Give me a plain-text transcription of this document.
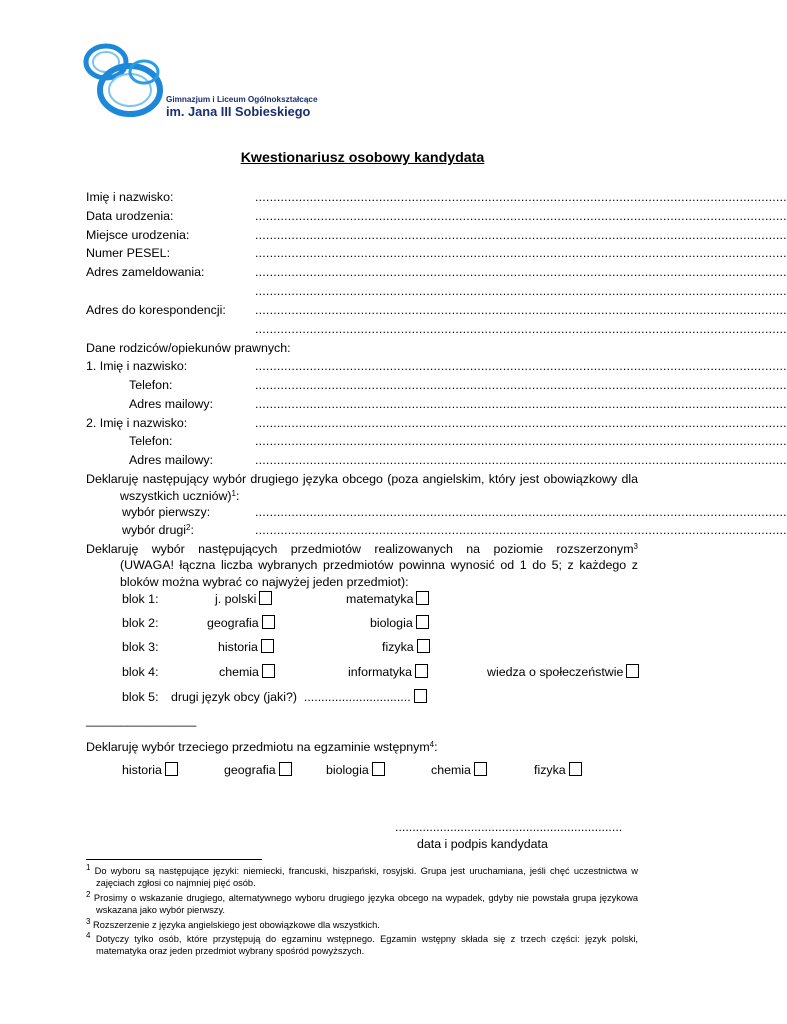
Gimnazjum i Liceum Ogólnokształcące
im. Jana III Sobieskiego
Kwestionariusz osobowy kandydata
Imię i nazwisko:	..................................................................................................................................................
Data urodzenia:	..................................................................................................................................................
Miejsce urodzenia:	..................................................................................................................................................
Numer PESEL:	..................................................................................................................................................
Adres zameldowania:	..................................................................................................................................................
..................................................................................................................................................
Adres do korespondencji: ..................................................................................................................................................
..................................................................................................................................................
Dane rodziców/opiekunów prawnych:
1. Imię i nazwisko:	..................................................................................................................................................
Telefon:	..................................................................................................................................................
Adres mailowy:	..................................................................................................................................................
2. Imię i nazwisko:	..................................................................................................................................................
Telefon:	..................................................................................................................................................
Adres mailowy:	..................................................................................................................................................
Deklaruję następujący wybór drugiego języka obcego (poza angielskim, który jest obowiązkowy dla wszystkich uczniów)$^1$:
wybór pierwszy:	..................................................................................................................................................
wybór drugi$^2$:	..................................................................................................................................................
Deklaruję wybór następujących przedmiotów realizowanych na poziomie rozszerzonym$^3$
(UWAGA! łączna liczba wybranych przedmiotów powinna wynosić od 1 do 5; z każdego z bloków można wybrać co najwyżej jeden przedmiot):
blok 1:	j. polski	matematyka
blok 2:	geografia	biologia
blok 3:	historia	fizyka
blok 4:	chemia	informatyka	wiedza o społeczeństwie
blok 5: drugi język obcy (jaki?) ...............................
________________
Deklaruję wybór trzeciego przedmiotu na egzaminie wstępnym$^4$:
historia	geografia	biologia	chemia	fizyka
..................................................................
data i podpis kandydata
$^1$ Do wyboru są następujące języki: niemiecki, francuski, hiszpański, rosyjski. Grupa jest uruchamiana, jeśli chęć uczestnictwa w zajęciach zgłosi co najmniej pięć osób.
$^2$ Prosimy o wskazanie drugiego, alternatywnego wyboru drugiego języka obcego na wypadek, gdyby nie powstała grupa językowa wskazana jako wybór pierwszy.
$^3$ Rozszerzenie z języka angielskiego jest obowiązkowe dla wszystkich.
$^4$ Dotyczy tylko osób, które przystępują do egzaminu wstępnego. Egzamin wstępny składa się z trzech części: język polski, matematyka oraz jeden przedmiot wybrany spośród powyższych.
